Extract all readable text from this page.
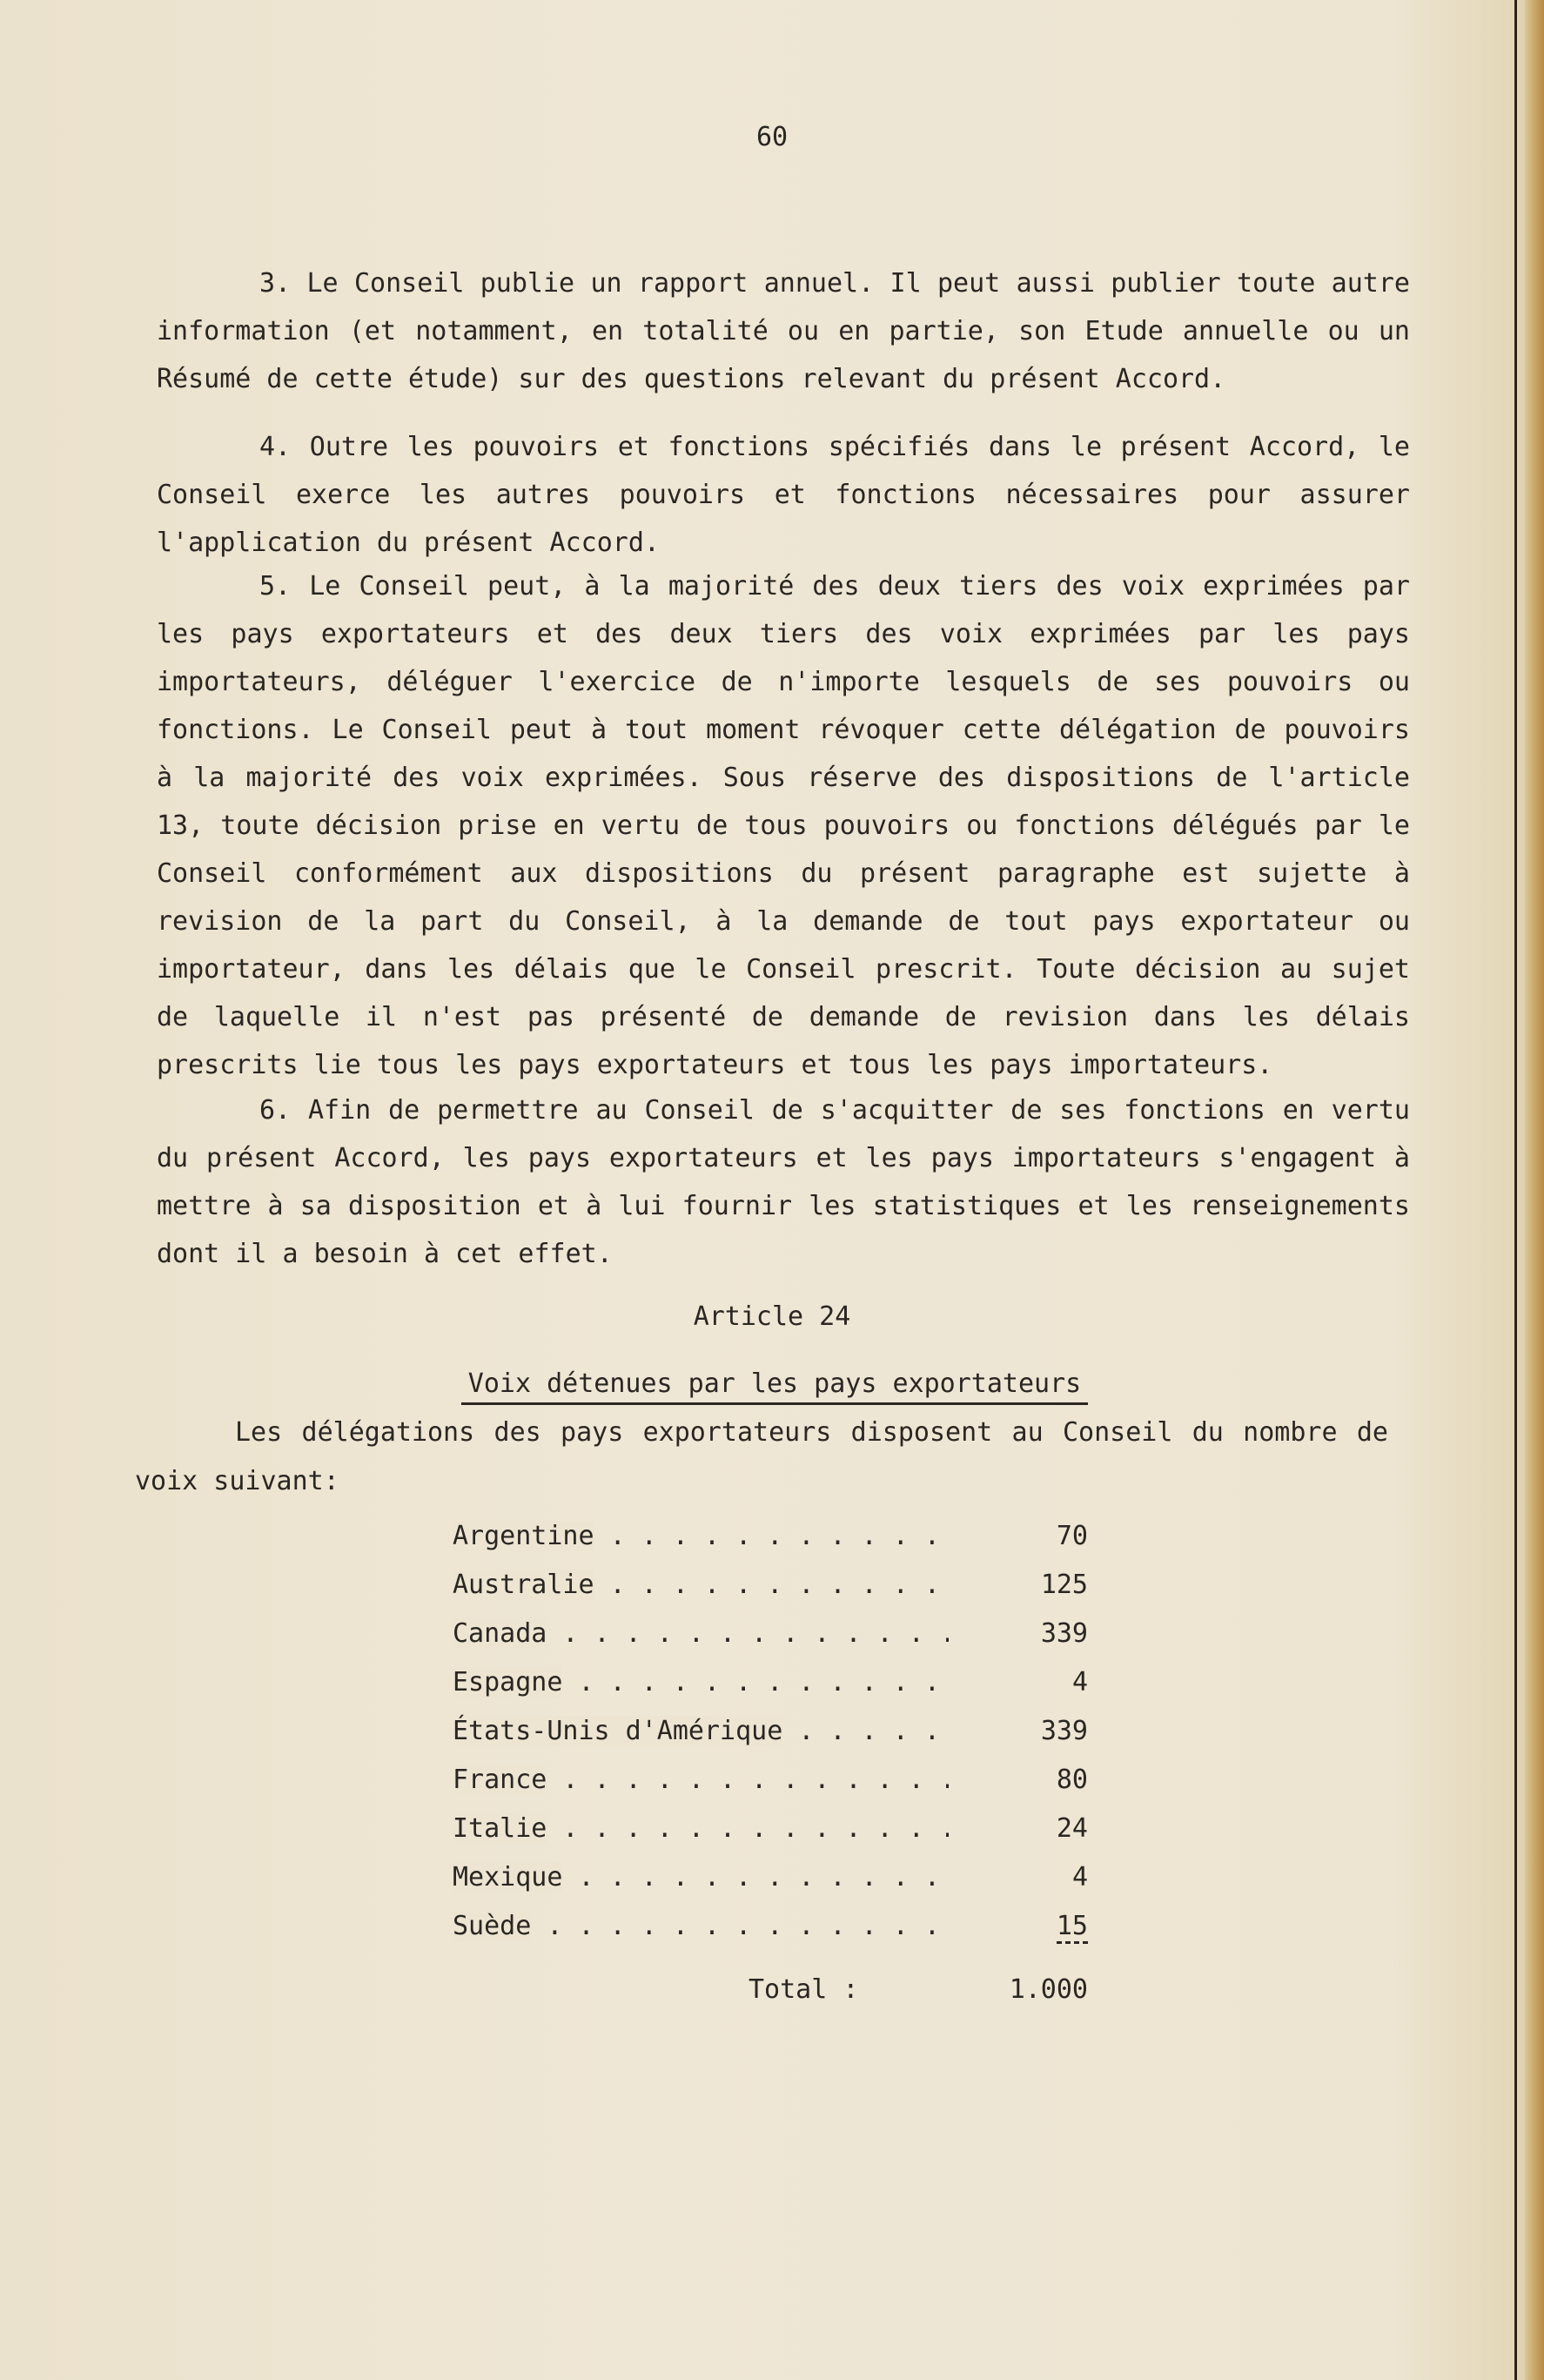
60

3. Le Conseil publie un rapport annuel. Il peut aussi publier toute autre information (et notamment, en totalité ou en partie, son Etude annuelle ou un Résumé de cette étude) sur des questions relevant du présent Accord.

4. Outre les pouvoirs et fonctions spécifiés dans le présent Accord, le Conseil exerce les autres pouvoirs et fonctions nécessaires pour assurer l'application du présent Accord.

5. Le Conseil peut, à la majorité des deux tiers des voix exprimées par les pays exportateurs et des deux tiers des voix exprimées par les pays importateurs, déléguer l'exercice de n'importe lesquels de ses pouvoirs ou fonctions. Le Conseil peut à tout moment révoquer cette délégation de pouvoirs à la majorité des voix exprimées. Sous réserve des dispositions de l'article 13, toute décision prise en vertu de tous pouvoirs ou fonctions délégués par le Conseil conformément aux dispositions du présent paragraphe est sujette à revision de la part du Conseil, à la demande de tout pays exportateur ou importateur, dans les délais que le Conseil prescrit. Toute décision au sujet de laquelle il n'est pas présenté de demande de revision dans les délais prescrits lie tous les pays exportateurs et tous les pays importateurs.

6. Afin de permettre au Conseil de s'acquitter de ses fonctions en vertu du présent Accord, les pays exportateurs et les pays importateurs s'engagent à mettre à sa disposition et à lui fournir les statistiques et les renseignements dont il a besoin à cet effet.

Article 24
Voix détenues par les pays exportateurs

Les délégations des pays exportateurs disposent au Conseil du nombre de voix suivant:

Argentine . . .	70
Australie . . .	125
Canada . . .	339
Espagne . . .	4
États-Unis d'Amérique . . .	339
France . . .	80
Italie . . .	24
Mexique . . .	4
Suède . . .	15
Total :	1.000
